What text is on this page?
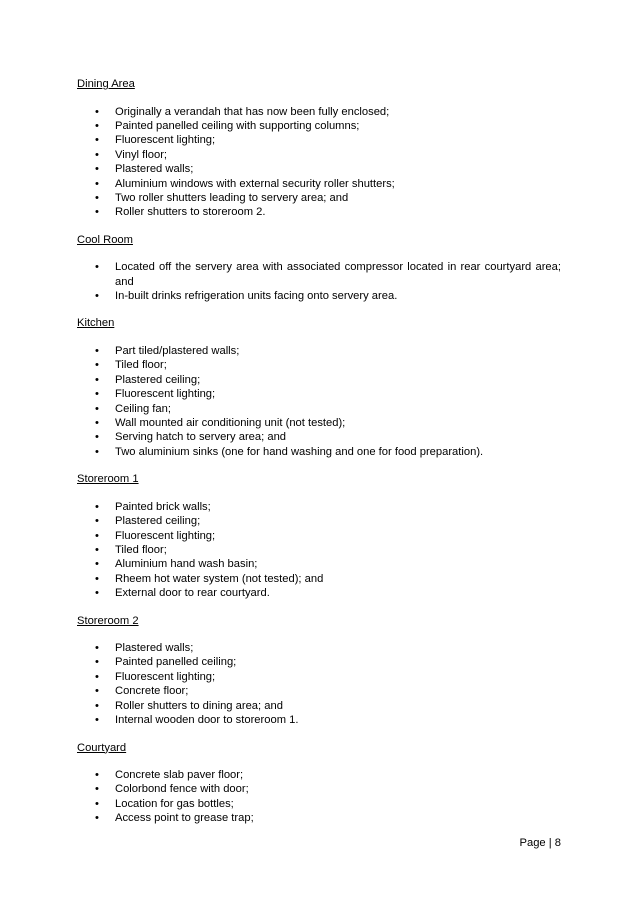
Dining Area
• Originally a verandah that has now been fully enclosed;
• Painted panelled ceiling with supporting columns;
• Fluorescent lighting;
• Vinyl floor;
• Plastered walls;
• Aluminium windows with external security roller shutters;
• Two roller shutters leading to servery area; and
• Roller shutters to storeroom 2.
Cool Room
• Located off the servery area with associated compressor located in rear courtyard area; and
• In-built drinks refrigeration units facing onto servery area.
Kitchen
• Part tiled/plastered walls;
• Tiled floor;
• Plastered ceiling;
• Fluorescent lighting;
• Ceiling fan;
• Wall mounted air conditioning unit (not tested);
• Serving hatch to servery area; and
• Two aluminium sinks (one for hand washing and one for food preparation).
Storeroom 1
• Painted brick walls;
• Plastered ceiling;
• Fluorescent lighting;
• Tiled floor;
• Aluminium hand wash basin;
• Rheem hot water system (not tested); and
• External door to rear courtyard.
Storeroom 2
• Plastered walls;
• Painted panelled ceiling;
• Fluorescent lighting;
• Concrete floor;
• Roller shutters to dining area; and
• Internal wooden door to storeroom 1.
Courtyard
• Concrete slab paver floor;
• Colorbond fence with door;
• Location for gas bottles;
• Access point to grease trap;
Page | 8
